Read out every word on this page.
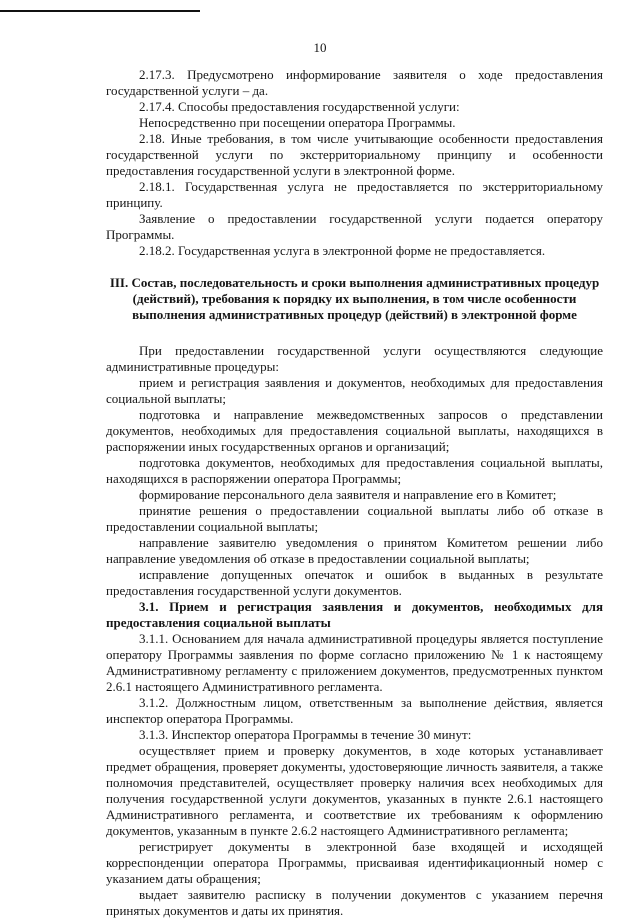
10

2.17.3. Предусмотрено информирование заявителя о ходе предоставления государственной услуги – да.

2.17.4. Способы предоставления государственной услуги:

Непосредственно при посещении оператора Программы.

2.18. Иные требования, в том числе учитывающие особенности предоставления государственной услуги по экстерриториальному принципу и особенности предоставления государственной услуги в электронной форме.

2.18.1. Государственная услуга не предоставляется по экстерриториальному принципу.

Заявление о предоставлении государственной услуги подается оператору Программы.

2.18.2. Государственная услуга в электронной форме не предоставляется.

III. Состав, последовательность и сроки выполнения административных процедур (действий), требования к порядку их выполнения, в том числе особенности выполнения административных процедур (действий) в электронной форме

При предоставлении государственной услуги осуществляются следующие административные процедуры:

прием и регистрация заявления и документов, необходимых для предоставления социальной выплаты;

подготовка и направление межведомственных запросов о представлении документов, необходимых для предоставления социальной выплаты, находящихся в распоряжении иных государственных органов и организаций;

подготовка документов, необходимых для предоставления социальной выплаты, находящихся в распоряжении оператора Программы;

формирование персонального дела заявителя и направление его в Комитет;

принятие решения о предоставлении социальной выплаты либо об отказе в предоставлении социальной выплаты;

направление заявителю уведомления о принятом Комитетом решении либо направление уведомления об отказе в предоставлении социальной выплаты;

исправление допущенных опечаток и ошибок в выданных в результате предоставления государственной услуги документов.

3.1. Прием и регистрация заявления и документов, необходимых для предоставления социальной выплаты

3.1.1. Основанием для начала административной процедуры является поступление оператору Программы заявления по форме согласно приложению № 1 к настоящему Административному регламенту с приложением документов, предусмотренных пунктом 2.6.1 настоящего Административного регламента.

3.1.2. Должностным лицом, ответственным за выполнение действия, является инспектор оператора Программы.

3.1.3. Инспектор оператора Программы в течение 30 минут:

осуществляет прием и проверку документов, в ходе которых устанавливает предмет обращения, проверяет документы, удостоверяющие личность заявителя, а также полномочия представителей, осуществляет проверку наличия всех необходимых для получения государственной услуги документов, указанных в пункте 2.6.1 настоящего Административного регламента, и соответствие их требованиям к оформлению документов, указанным в пункте 2.6.2 настоящего Административного регламента;

регистрирует документы в электронной базе входящей и исходящей корреспонденции оператора Программы, присваивая идентификационный номер с указанием даты обращения;

выдает заявителю расписку в получении документов с указанием перечня принятых документов и даты их принятия.
